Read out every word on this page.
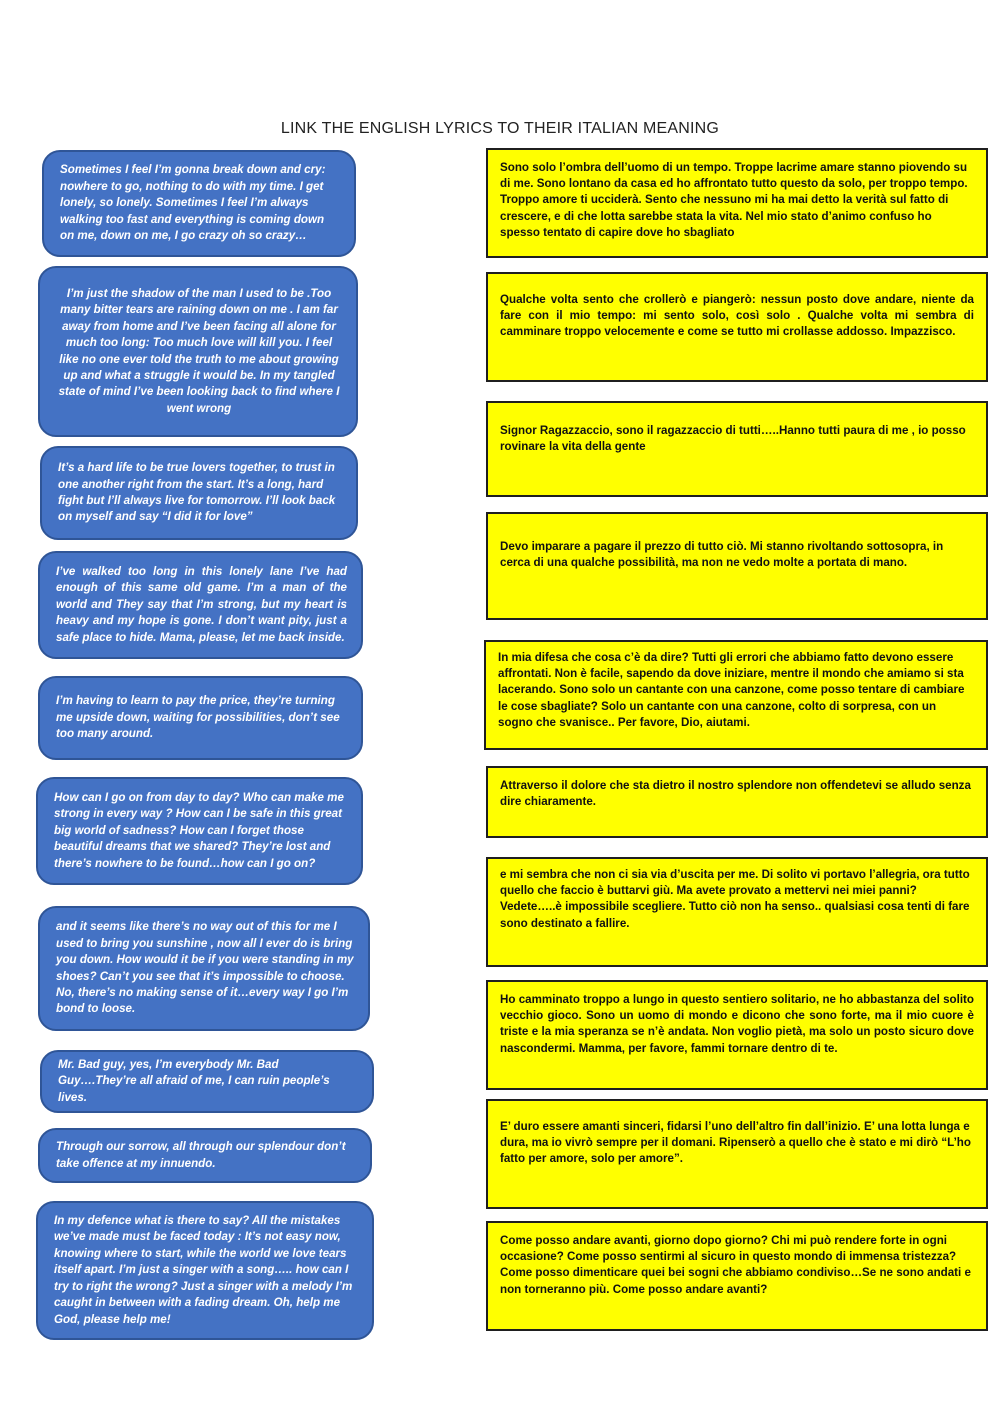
LINK THE ENGLISH LYRICS TO THEIR ITALIAN MEANING
Sometimes I feel I’m gonna break down and cry: nowhere to go, nothing to do with my time. I get lonely, so lonely. Sometimes I feel I’m always walking too fast and everything is coming down on me, down on me, I go crazy oh so crazy…
I’m just the shadow of the man I used to be .Too many bitter tears are raining down on me . I am far away from home and I’ve been facing all alone for much too long: Too much love will kill you. I feel like no one ever told the truth to me about growing up and what a struggle it would be. In my tangled state of mind I’ve been looking back to find where I went wrong
It’s a hard life to be true lovers together, to trust in one another right from the start. It’s a long, hard fight but I’ll always live for tomorrow. I’ll look back on myself and say “I did it for love”
I’ve walked too long in this lonely lane I’ve had enough of this same old game. I’m a man of the world and They say that I’m strong, but my heart is heavy and my hope is gone. I don’t want pity, just a safe place to hide. Mama, please, let me back inside.
I’m having to learn to pay the price, they’re turning me upside down, waiting for possibilities, don’t see too many around.
How can I go on from day to day? Who can make me strong in every way ? How can I be safe in this great big world of sadness? How can I forget those beautiful dreams that we shared? They’re lost and there’s nowhere to be found…how can I go on?
and it seems like there’s no way out of this for me I used to bring you sunshine , now all I ever do is bring you down. How would it be if you were standing in my shoes? Can’t you see that it’s impossible to choose. No, there’s no making sense of it…every way I go I’m bond to loose.
Mr. Bad guy, yes, I’m everybody Mr. Bad Guy….They’re all afraid of me, I can ruin people’s lives.
Through our sorrow, all through our splendour don’t take offence at my innuendo.
In my defence what is there to say? All the mistakes we’ve made must be faced today : It’s not easy now, knowing where to start, while the world we love tears itself apart. I’m just a singer with a song….. how can I try to right the wrong? Just a singer with a melody I’m caught in between with a fading dream. Oh, help me God, please help me!
Sono solo l’ombra dell’uomo di un tempo. Troppe lacrime amare stanno piovendo su di me. Sono lontano da casa ed ho affrontato tutto questo da solo, per troppo tempo. Troppo amore ti ucciderà. Sento che nessuno mi ha mai detto la verità sul fatto di crescere, e di che lotta sarebbe stata la vita. Nel mio stato d’animo confuso ho spesso tentato di capire dove ho sbagliato
Qualche volta sento che crollerò e piangerò: nessun posto dove andare, niente da fare con il mio tempo: mi sento solo, così solo . Qualche volta mi sembra di camminare troppo velocemente e come se tutto mi crollasse addosso. Impazzisco.
Signor Ragazzaccio, sono il ragazzaccio di tutti…..Hanno tutti paura di me , io posso rovinare la vita della gente
Devo imparare a pagare il prezzo di tutto ciò. Mi stanno rivoltando sottosopra, in cerca di una qualche possibilità, ma non ne vedo molte a portata di mano.
In mia difesa che cosa c’è da dire? Tutti gli errori che abbiamo fatto devono essere affrontati. Non è facile, sapendo da dove iniziare, mentre il mondo che amiamo si sta lacerando. Sono solo un cantante con una canzone, come posso tentare di cambiare le cose sbagliate? Solo un cantante con una canzone, colto di sorpresa, con un sogno che svanisce.. Per favore, Dio, aiutami.
Attraverso il dolore che sta dietro il nostro splendore non offendetevi se alludo senza dire chiaramente.
e mi sembra che non ci sia via d’uscita per me. Di solito vi portavo l’allegria, ora tutto quello che faccio è buttarvi giù. Ma avete provato a mettervi nei miei panni? Vedete…..è impossibile scegliere. Tutto ciò non ha senso.. qualsiasi cosa tenti di fare sono destinato a fallire.
Ho camminato troppo a lungo in questo sentiero solitario, ne ho abbastanza del solito vecchio gioco. Sono un uomo di mondo e dicono che sono forte, ma il mio cuore è triste e la mia speranza se n’è andata. Non voglio pietà, ma solo un posto sicuro dove nascondermi. Mamma, per favore, fammi tornare dentro di te.
E’ duro essere amanti sinceri, fidarsi l’uno dell’altro fin dall’inizio. E’ una lotta lunga e dura, ma io vivrò sempre per il domani. Ripenserò a quello che è stato e mi dirò “L’ho fatto per amore, solo per amore”.
Come posso andare avanti, giorno dopo giorno? Chi mi può rendere forte in ogni occasione? Come posso sentirmi al sicuro in questo mondo di immensa tristezza? Come posso dimenticare quei bei sogni che abbiamo condiviso…Se ne sono andati e non torneranno più. Come posso andare avanti?
